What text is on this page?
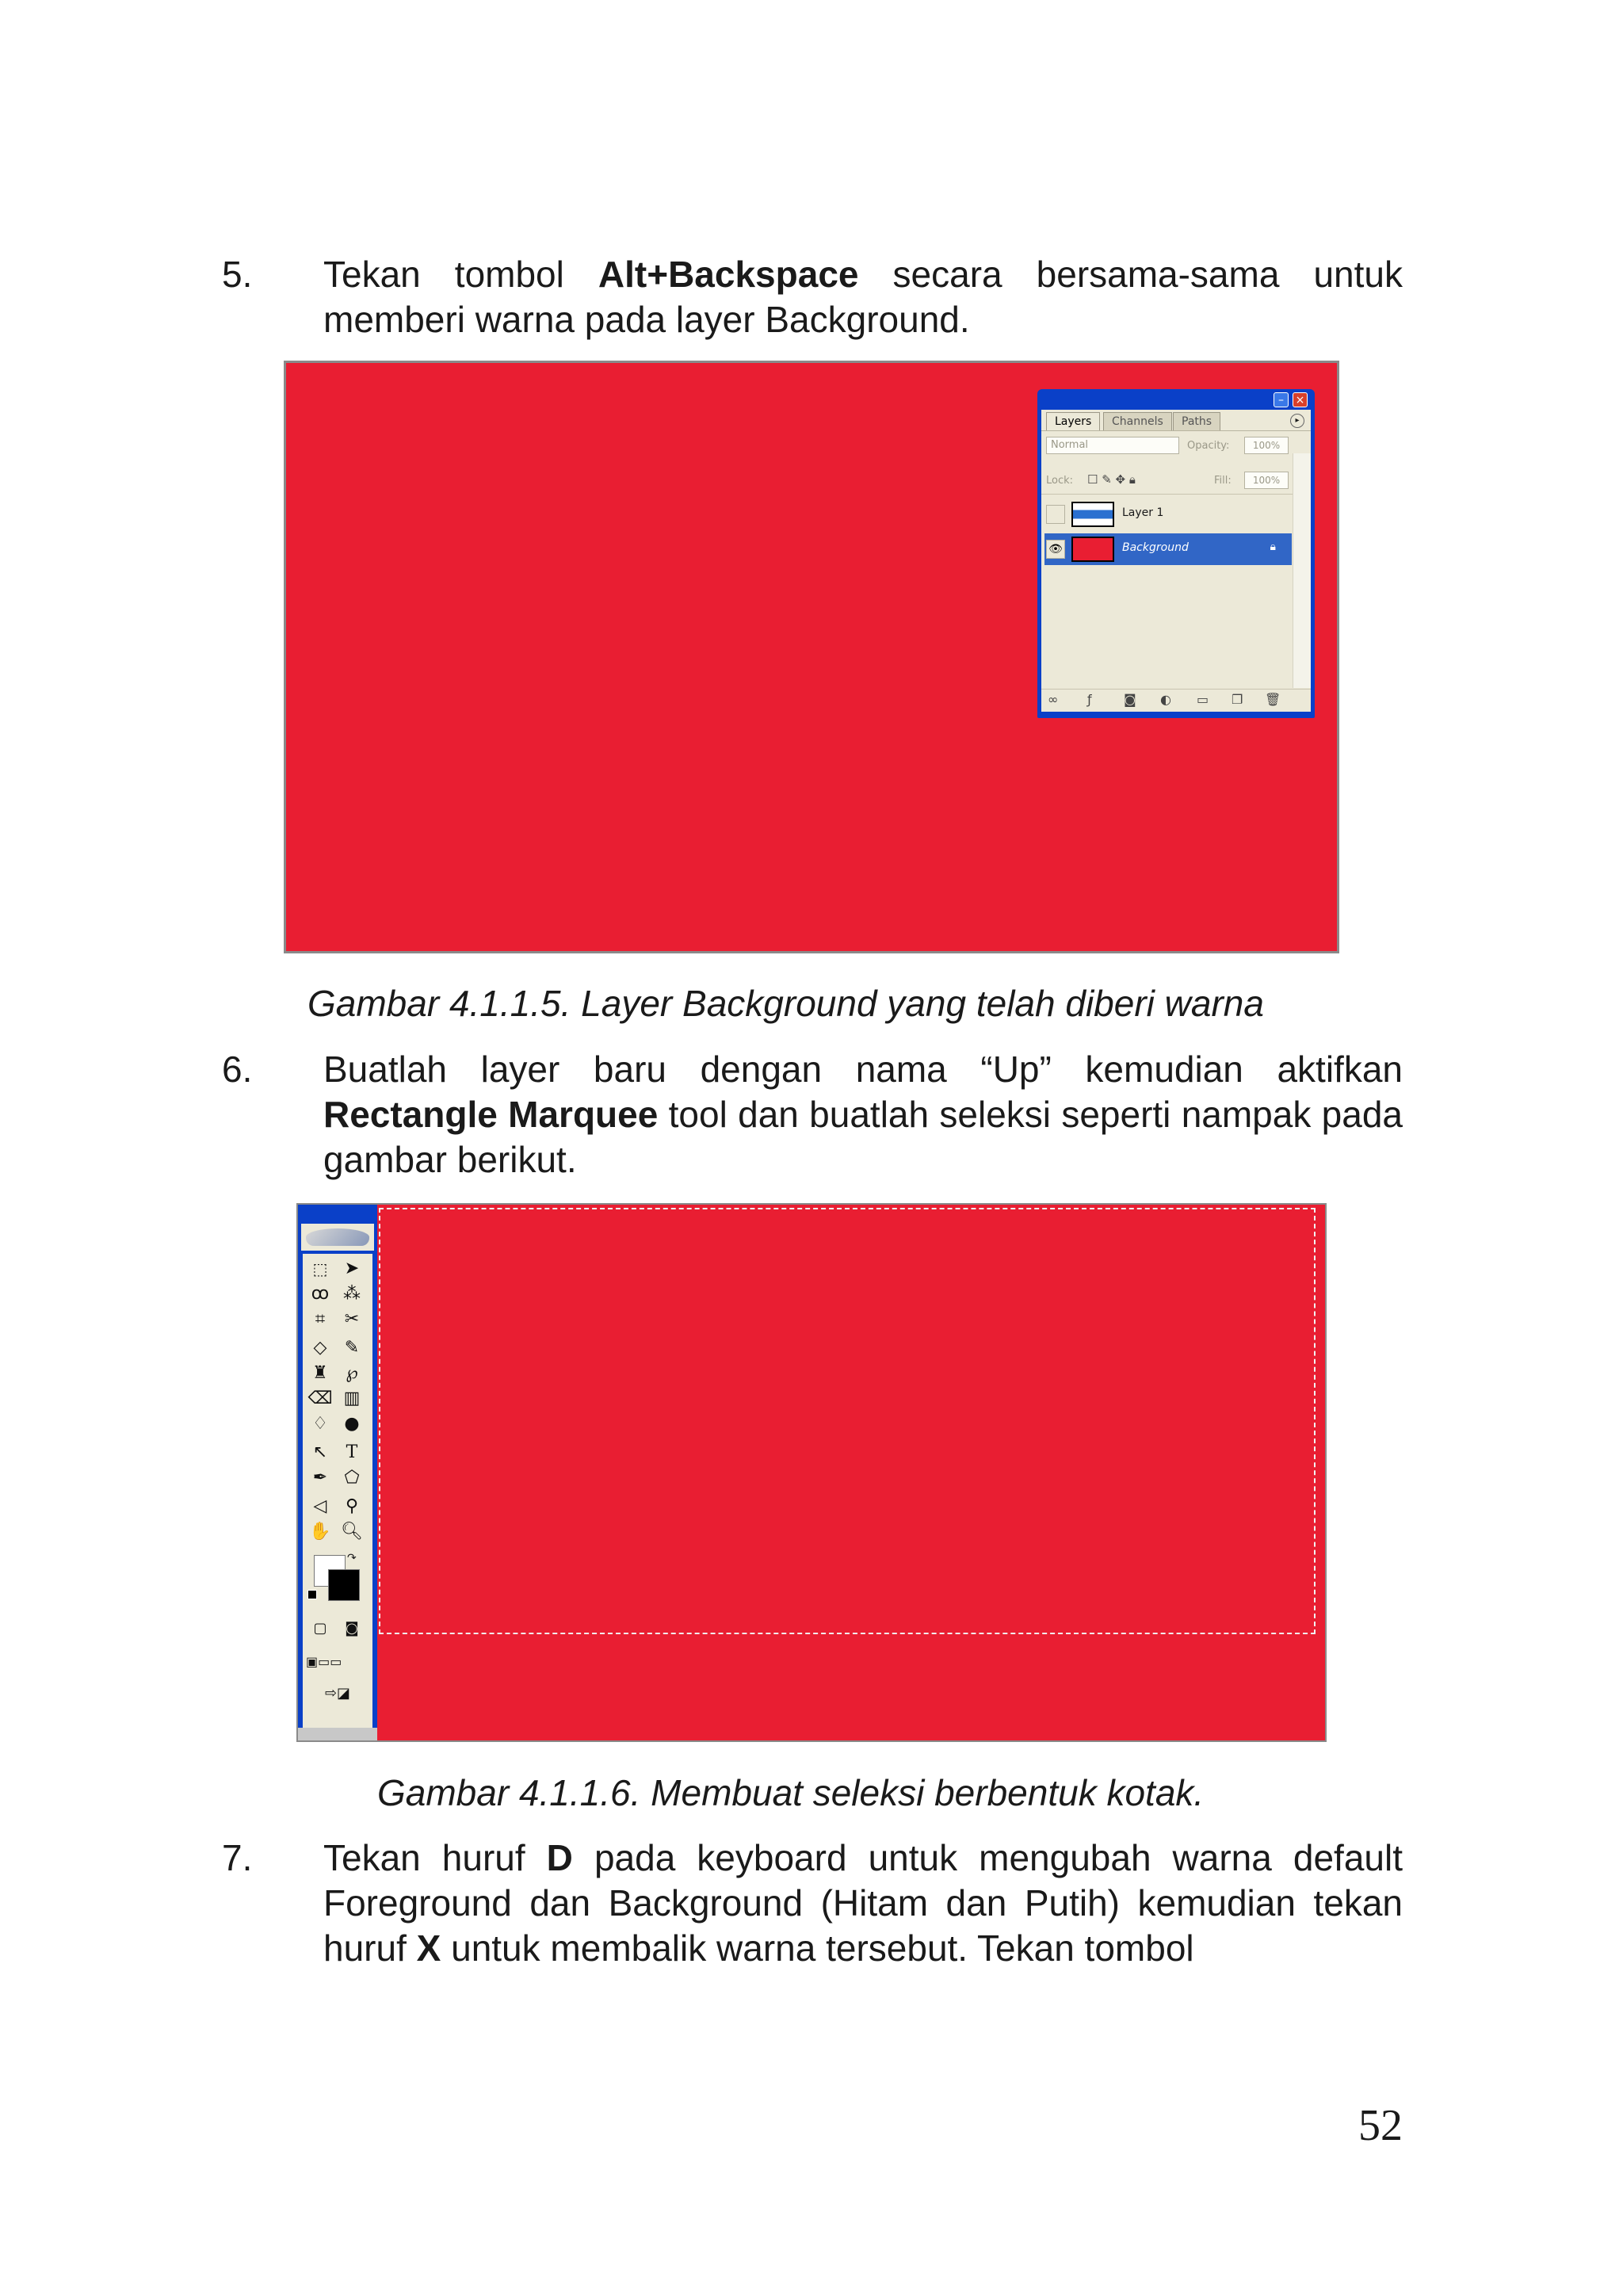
5. Tekan tombol Alt+Backspace secara bersama-sama untuk memberi warna pada layer Background.
–	×
Layers	Channels	Paths	▸
Normal	Opacity:	100%
Lock: ☐ ✎ ✥ 🔒︎	Fill:	100%
Layer 1
👁︎	Background	🔒︎
∞ ƒ	◙ ◐ ▭ ❐ 🗑︎
Gambar 4.1.1.5. Layer Background yang telah diberi warna
6. Buatlah layer baru dengan nama “Up” kemudian aktifkan Rectangle Marquee tool dan buatlah seleksi seperti nampak pada gambar berikut.
⬚ ➤
ꝏ ⁂
⌗	✂
◇	✎
♜	℘
⌫ ▥
♢ ●
↖	T
✒ ⬠
◁	⚲
✋ 🔍︎
↷
▢	◙
▣▭▭
⇨◪
Gambar 4.1.1.6. Membuat seleksi berbentuk kotak.
7. Tekan huruf D pada keyboard untuk mengubah warna default Foreground dan Background (Hitam dan Putih) kemudian tekan huruf X untuk membalik warna tersebut. Tekan tombol
52
